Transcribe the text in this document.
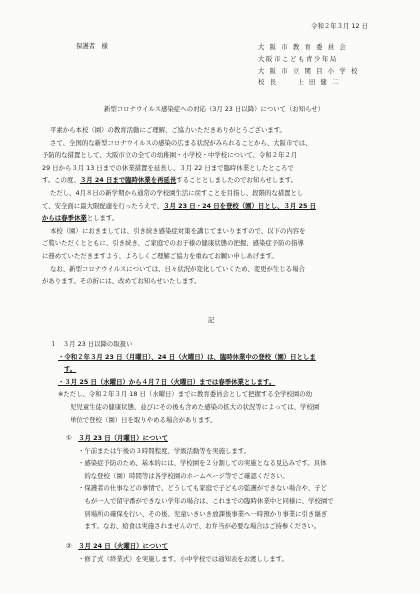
令和２年３月 12 日
保護者　様	大 阪 市 教 育 委 員 会
大阪市こども青少年局
大 阪 市 立 関 目 小 学 校
校 長 　　上 田 健 二
新型コロナウイルス感染症への対応（3月 23 日以降）について（お知らせ）
平素から本校（園）の教育活動にご理解、ご協力いただきありがとうございます。
さて、全国的な新型コロナウイルスの感染の広まる状況がみられることから、大阪市では、
予防的な措置として、大阪市立の全ての幼稚園・小学校・中学校について、令和２年２月
29 日から３月 13 日までの休業措置を延長し、３月 22 日まで臨時休業としたところで
す。この度、３月 24 日まで臨時休業を再延長することとしましたのでお知らせします。
ただし、4月８日の新学期から通常の学校園生活に戻すことを目指し、段階的な措置とし
て、安全面に最大限配慮を行ったうえで、３月 23 日・24 日を登校（園）日とし、３月 25 日
からは春季休業とします。
本校（園）におきましては、引き続き感染症対策を講じてまいりますので、以下の内容を
ご覧いただくとともに、引き続き、ご家庭でのお子様の健康状態の把握、感染症予防の指導
に務めていただきますよう、よろしくご理解ご協力を重ねてお願い申しあげます。
なお、新型コロナウイルスについては、日々状況が変化していくため、変更が生じる場合
があります。その折には、改めてお知らせいたします。
記
１　３月 23 日以降の取扱い
・令和２年３月 23 日（月曜日）、24 日（火曜日）は、臨時休業中の登校（園）日としま
す。
・３月 25 日（水曜日）から４月７日（火曜日）までは春季休業とします。
※ただし、令和２年３月 18 日（水曜日）までに教育委員会として把握する全学校園の幼
児児童生徒の健康状態、並びにその後も含めた感染の拡大の状況等によっては、学校園
単位で登校（園）日を取りやめる場合があります。
①　 ３月 23 日（月曜日）について
・午前または午後の３時間程度、学級活動等を実施します。
・感染症予防のため、基本的には、学校園を２分割しての実施となる見込みです。具体
　的な登校（園）時間等は各学校園のホームページ等でご確認ください。
・保護者の仕事などの事情で、どうしても家庭で子どもの監護ができない場合や、子ど
　もが一人で留守番ができない学年の場合は、これまでの臨時休業中と同様に、学校園で
　居場所の確保を行い、その後、児童いきいき放課後事業へ一時預かり事業に引き継ぎ
　ます。なお、給食は実施されませんので、お弁当が必要な場合はご持参ください。
②　 ３月 24 日（火曜日）について
・修了式（終業式）を実施します。小中学校では通知表をお渡しします。
